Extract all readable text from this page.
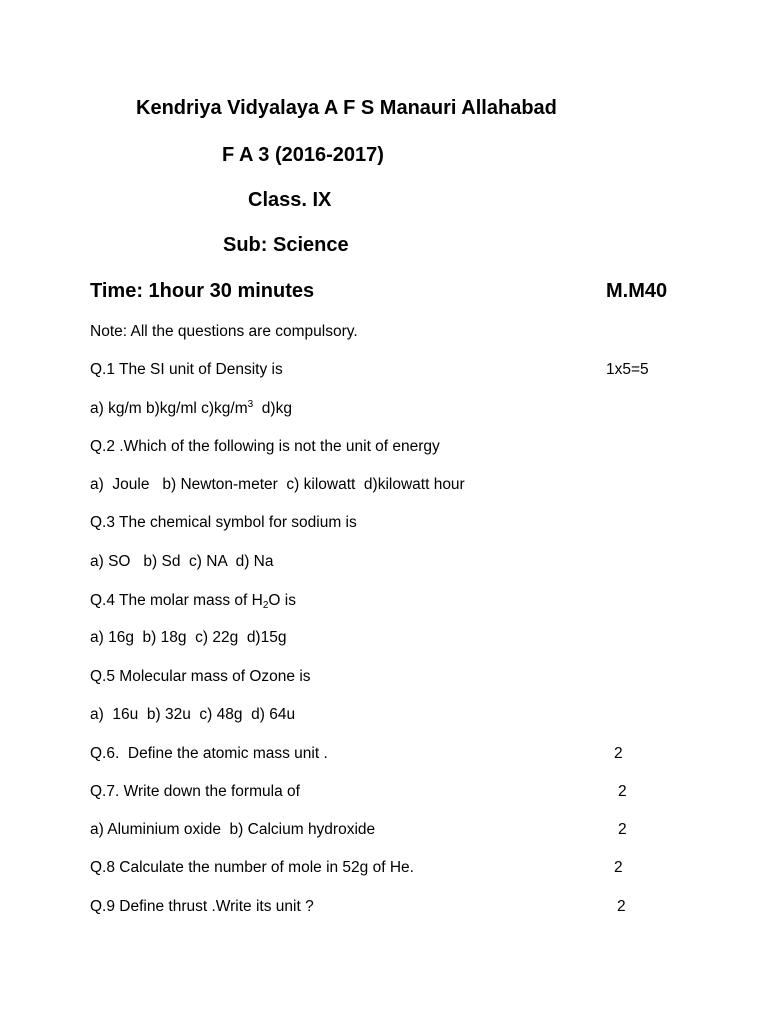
Kendriya Vidyalaya A F S Manauri Allahabad
F A 3 (2016-2017)
Class. IX
Sub: Science
Time: 1hour 30 minutes	M.M40
Note: All the questions are compulsory.
Q.1 The SI unit of Density is	1x5=5
a) kg/m b)kg/ml $c)kg/m^3$  d)kg
Q.2 .Which of the following is not the unit of energy
a)  Joule   b) Newton-meter  c) kilowatt  d)kilowatt hour
Q.3 The chemical symbol for sodium is
a) SO   b) Sd  c) NA  d) Na
Q.4 The molar mass of $H_2O$ is
a) 16g  b) 18g  c) 22g  d)15g
Q.5 Molecular mass of Ozone is
a)  16u  b) 32u  c) 48g  d) 64u
Q.6.  Define the atomic mass unit .	2
Q.7. Write down the formula of	2
a) Aluminium oxide  b) Calcium hydroxide	2
Q.8 Calculate the number of mole in 52g of He.	2
Q.9 Define thrust .Write its unit ?	2
